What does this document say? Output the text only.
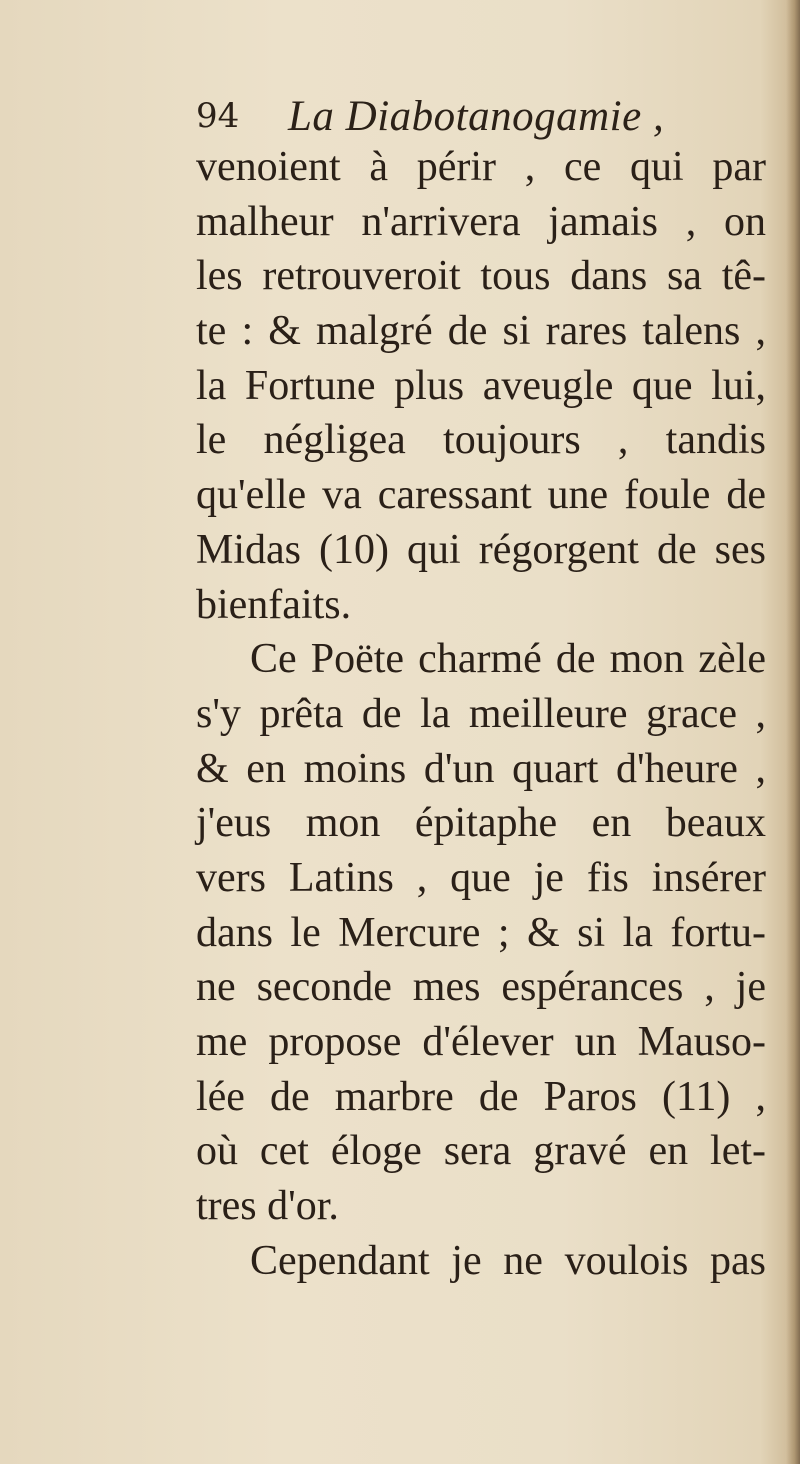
94 La Diabotanogamie ,
venoient à périr , ce qui par
malheur n'arrivera jamais , on
les retrouveroit tous dans sa tê-
te : & malgré de si rares talens ,
la Fortune plus aveugle que lui,
le négligea toujours , tandis
qu'elle va caressant une foule de
Midas (10) qui régorgent de ses
bienfaits.
Ce Poëte charmé de mon zèle
s'y prêta de la meilleure grace ,
& en moins d'un quart d'heure ,
j'eus mon épitaphe en beaux
vers Latins , que je fis insérer
dans le Mercure ; & si la fortu-
ne seconde mes espérances , je
me propose d'élever un Mauso-
lée de marbre de Paros (11) ,
où cet éloge sera gravé en let-
tres d'or.
Cependant je ne voulois pas
